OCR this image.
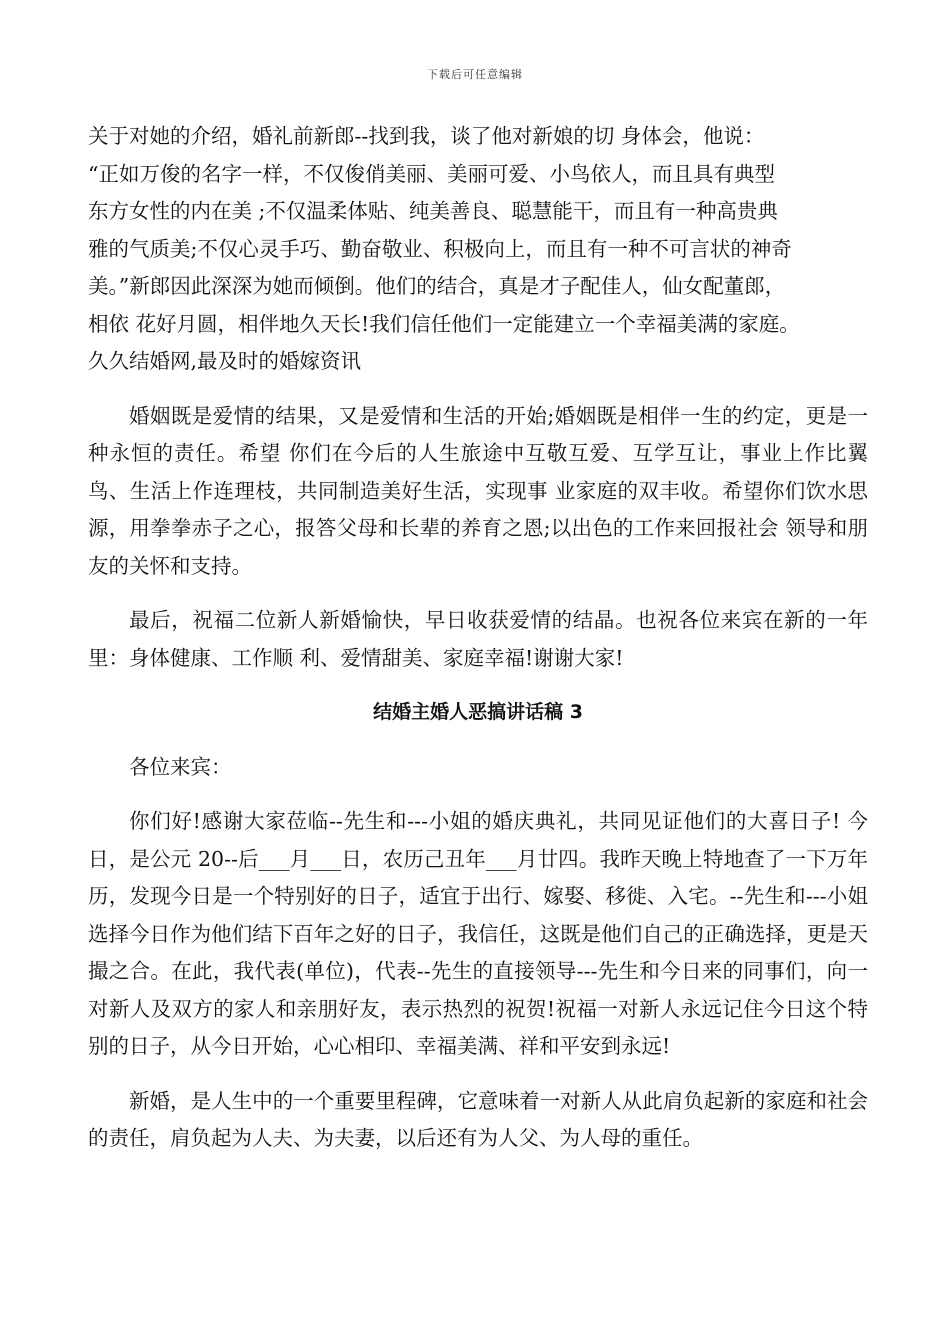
下载后可任意编辑

关于对她的介绍，婚礼前新郎--找到我，谈了他对新娘的切 身体会，他说：
“正如万俊的名字一样，不仅俊俏美丽、美丽可爱、小鸟依人，而且具有典型
东方女性的内在美 ;不仅温柔体贴、纯美善良、聪慧能干，而且有一种高贵典
雅的气质美;不仅心灵手巧、勤奋敬业、积极向上，而且有一种不可言状的神奇
美。”新郎因此深深为她而倾倒。他们的结合，真是才子配佳人，仙女配董郎，
相依 花好月圆，相伴地久天长!我们信任他们一定能建立一个幸福美满的家庭。
久久结婚网,最及时的婚嫁资讯

婚姻既是爱情的结果，又是爱情和生活的开始;婚姻既是相伴一生的约定，更是一种永恒的责任。希望 你们在今后的人生旅途中互敬互爱、互学互让，事业上作比翼鸟、生活上作连理枝，共同制造美好生活，实现事 业家庭的双丰收。希望你们饮水思源，用拳拳赤子之心，报答父母和长辈的养育之恩;以出色的工作来回报社会 领导和朋友的关怀和支持。

最后，祝福二位新人新婚愉快，早日收获爱情的结晶。也祝各位来宾在新的一年里：身体健康、工作顺 利、爱情甜美、家庭幸福!谢谢大家!

结婚主婚人恶搞讲话稿 3

各位来宾：

你们好!感谢大家莅临--先生和---小姐的婚庆典礼，共同见证他们的大喜日子! 今日，是公元 20--后___月___日，农历己丑年___月廿四。我昨天晚上特地查了一下万年历，发现今日是一个特别好的日子，适宜于出行、嫁娶、移徙、入宅。--先生和---小姐选择今日作为他们结下百年之好的日子，我信任，这既是他们自己的正确选择，更是天撮之合。在此，我代表(单位)，代表--先生的直接领导---先生和今日来的同事们，向一对新人及双方的家人和亲朋好友，表示热烈的祝贺!祝福一对新人永远记住今日这个特别的日子，从今日开始，心心相印、幸福美满、祥和平安到永远!

新婚，是人生中的一个重要里程碑，它意味着一对新人从此肩负起新的家庭和社会的责任，肩负起为人夫、为夫妻，以后还有为人父、为人母的重任。
